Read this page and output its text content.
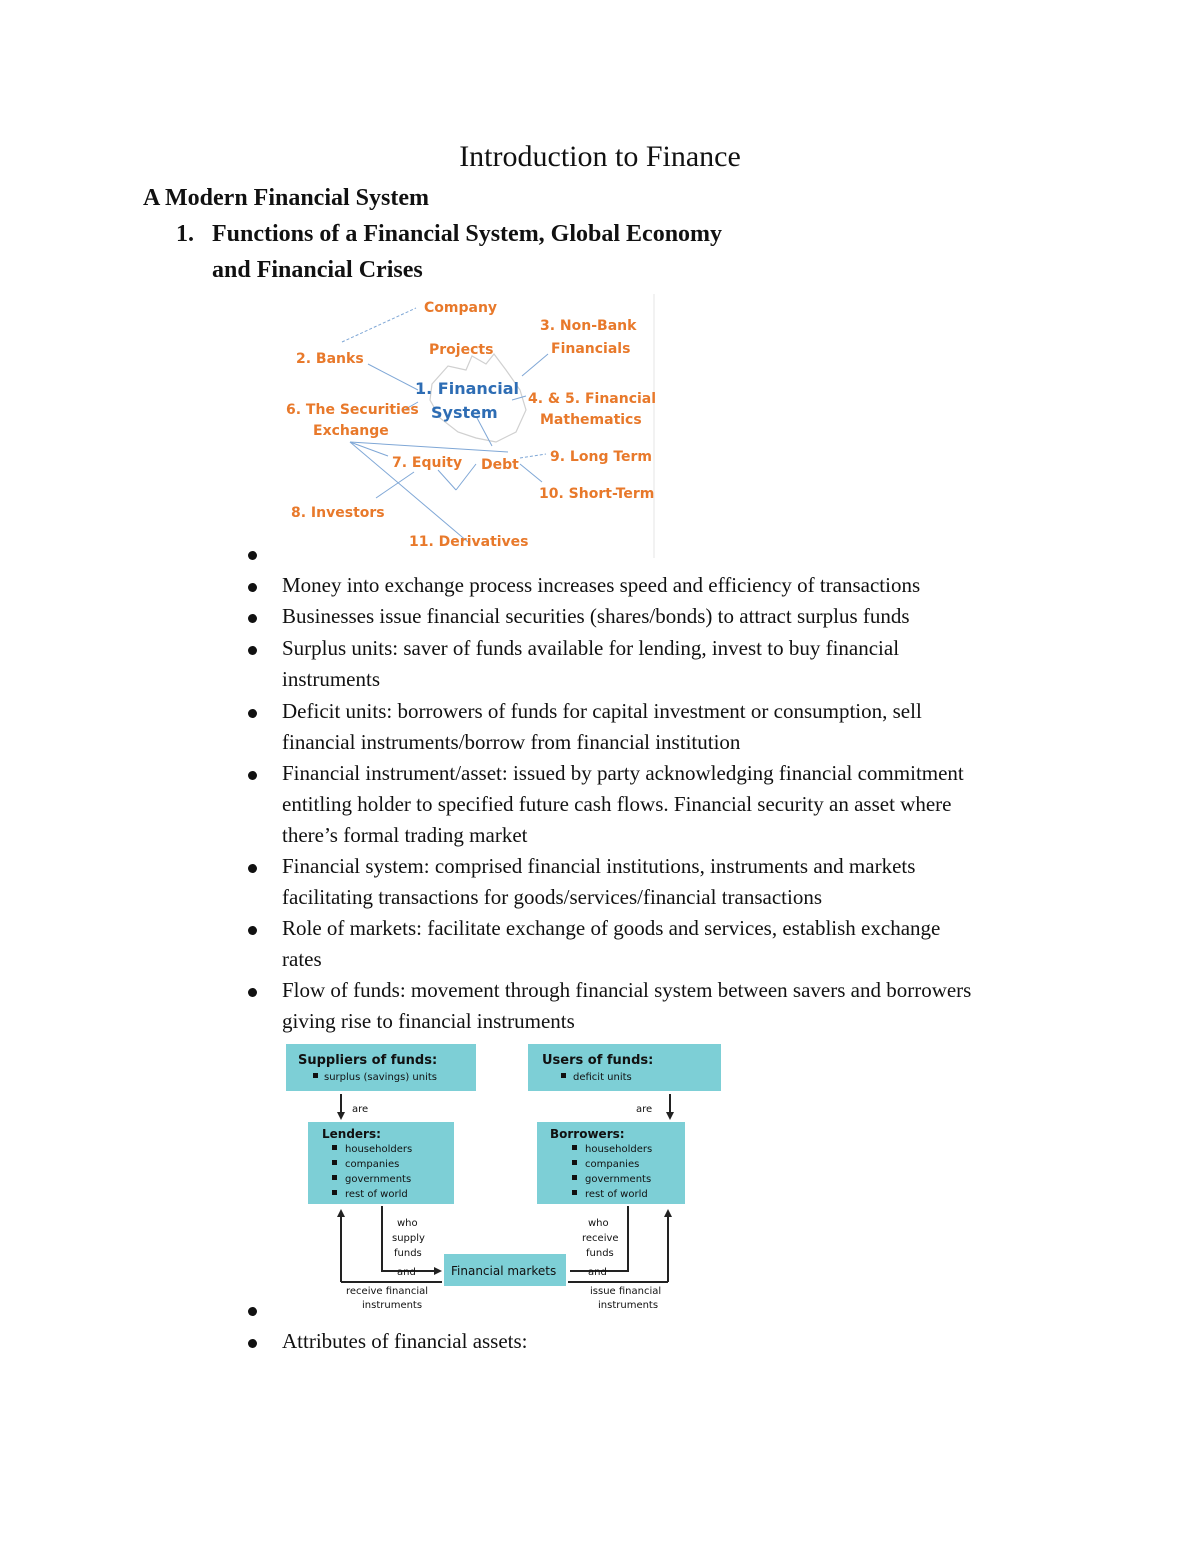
Introduction to Finance
A Modern Financial System
1. Functions of a Financial System, Global Economy
and Financial Crises
Company
Projects
3. Non-Bank
Financials
2. Banks
4. & 5. Financial
Mathematics
6. The Securities
Exchange
7. Equity Debt 9. Long Term
10. Short-Term
8. Investors
11. Derivatives
1. Financial
System
Money into exchange process increases speed and efficiency of transactions
Businesses issue financial securities (shares/bonds) to attract surplus funds
Surplus units: saver of funds available for lending, invest to buy financial
instruments
Deficit units: borrowers of funds for capital investment or consumption, sell
financial instruments/borrow from financial institution
Financial instrument/asset: issued by party acknowledging financial commitment
entitling holder to specified future cash flows. Financial security an asset where
there’s formal trading market
Financial system: comprised financial institutions, instruments and markets
facilitating transactions for goods/services/financial transactions
Role of markets: facilitate exchange of goods and services, establish exchange
rates
Flow of funds: movement through financial system between savers and borrowers
giving rise to financial instruments
Suppliers of funds:
surplus (savings) units
Users of funds:
deficit units
are	are
Lenders:
householders
companies
governments
rest of world
Borrowers:
householders
companies
governments
rest of world
who
supply
funds
and
who
receive
funds
and
Financial markets
receive financial
instruments
issue financial
instruments
Attributes of financial assets:
